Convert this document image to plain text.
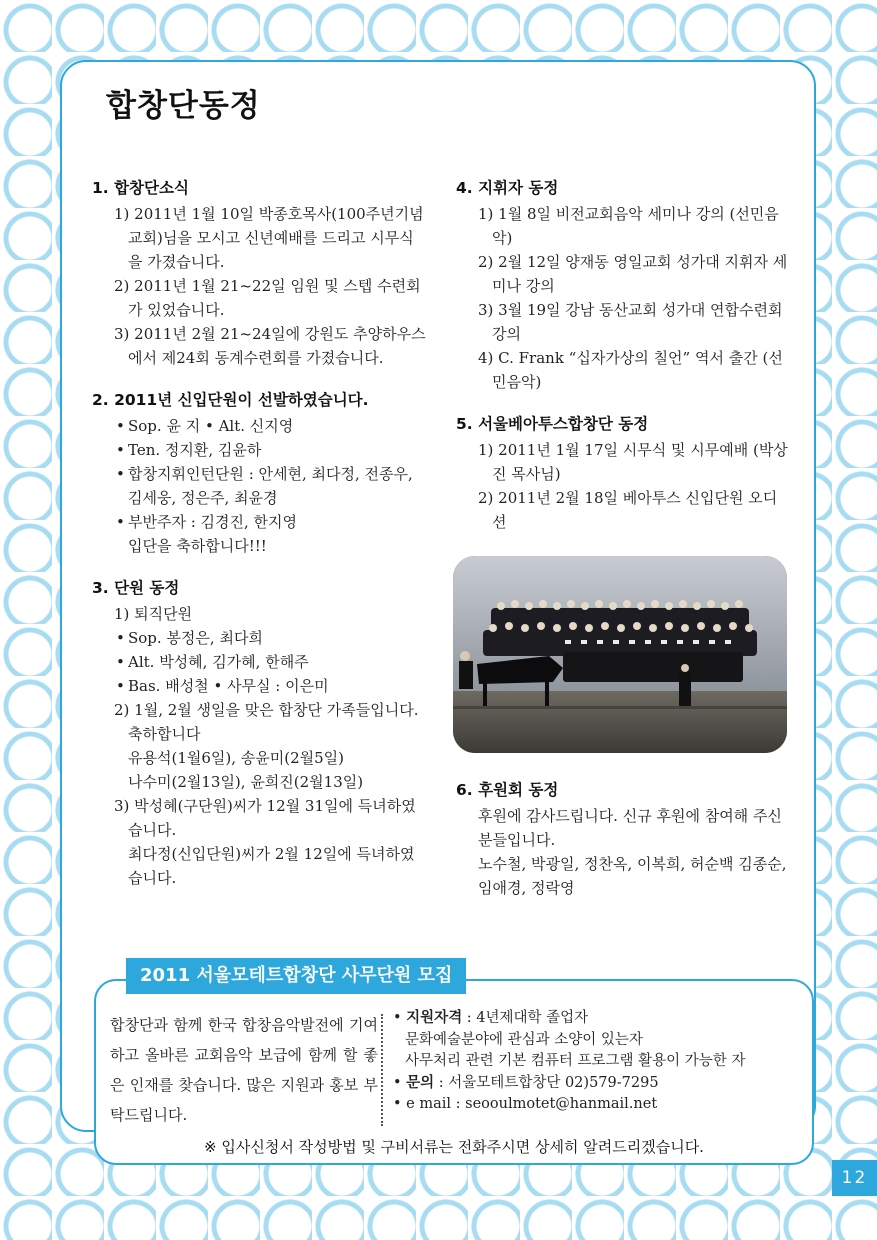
합창단동정
1. 합창단소식

1) 2011년 1월 10일 박종호목사(100주년기념교회)님을 모시고 신년예배를 드리고 시무식을 가졌습니다.

2) 2011년 1월 21~22일 임원 및 스텝 수련회가 있었습니다.

3) 2011년 2월 21~24일에 강원도 추양하우스에서 제24회 동계수련회를 가졌습니다.

2. 2011년 신입단원이 선발하였습니다.

• Sop. 윤 지 • Alt. 신지영

• Ten. 정지환, 김윤하

• 합창지휘인턴단원 : 안세현, 최다정, 전종우, 김세웅, 정은주, 최윤경

• 부반주자 : 김경진, 한지영

입단을 축하합니다!!!

3. 단원 동정

1) 퇴직단원

• Sop. 봉정은, 최다희

• Alt. 박성혜, 김가혜, 한해주

• Bas. 배성철 • 사무실 : 이은미

2) 1월, 2월 생일을 맞은 합창단 가족들입니다. 축하합니다

유용석(1월6일), 송윤미(2월5일)

나수미(2월13일), 윤희진(2월13일)

3) 박성혜(구단원)씨가 12월 31일에 득녀하였습니다.

최다정(신입단원)씨가 2월 12일에 득녀하였습니다.

4. 지휘자 동정

1) 1월 8일 비전교회음악 세미나 강의 (선민음악)

2) 2월 12일 양재동 영일교회 성가대 지휘자 세미나 강의

3) 3월 19일 강남 동산교회 성가대 연합수련회 강의

4) C. Frank “십자가상의 칠언” 역서 출간 (선민음악)

5. 서울베아투스합창단 동정

1) 2011년 1월 17일 시무식 및 시무예배 (박상진 목사님)

2) 2011년 2월 18일 베아투스 신입단원 오디션

6. 후원회 동정

후원에 감사드립니다. 신규 후원에 참여해 주신 분들입니다.

노수철, 박광일, 정찬옥, 이복희, 허순백 김종순, 임애경, 정락영

2011 서울모테트합창단 사무단원 모집
합창단과 함께 한국 합창음악발전에 기여하고 올바른 교회음악 보급에 함께 할 좋은 인재를 찾습니다. 많은 지원과 홍보 부탁드립니다.
• 지원자격 : 4년제대학 졸업자
문화예술분야에 관심과 소양이 있는자
사무처리 관련 기본 컴퓨터 프로그램 활용이 가능한 자
• 문의 : 서울모테트합창단 02)579-7295
• e mail : seooulmotet@hanmail.net
※ 입사신청서 작성방법 및 구비서류는 전화주시면 상세히 알려드리겠습니다.
12
